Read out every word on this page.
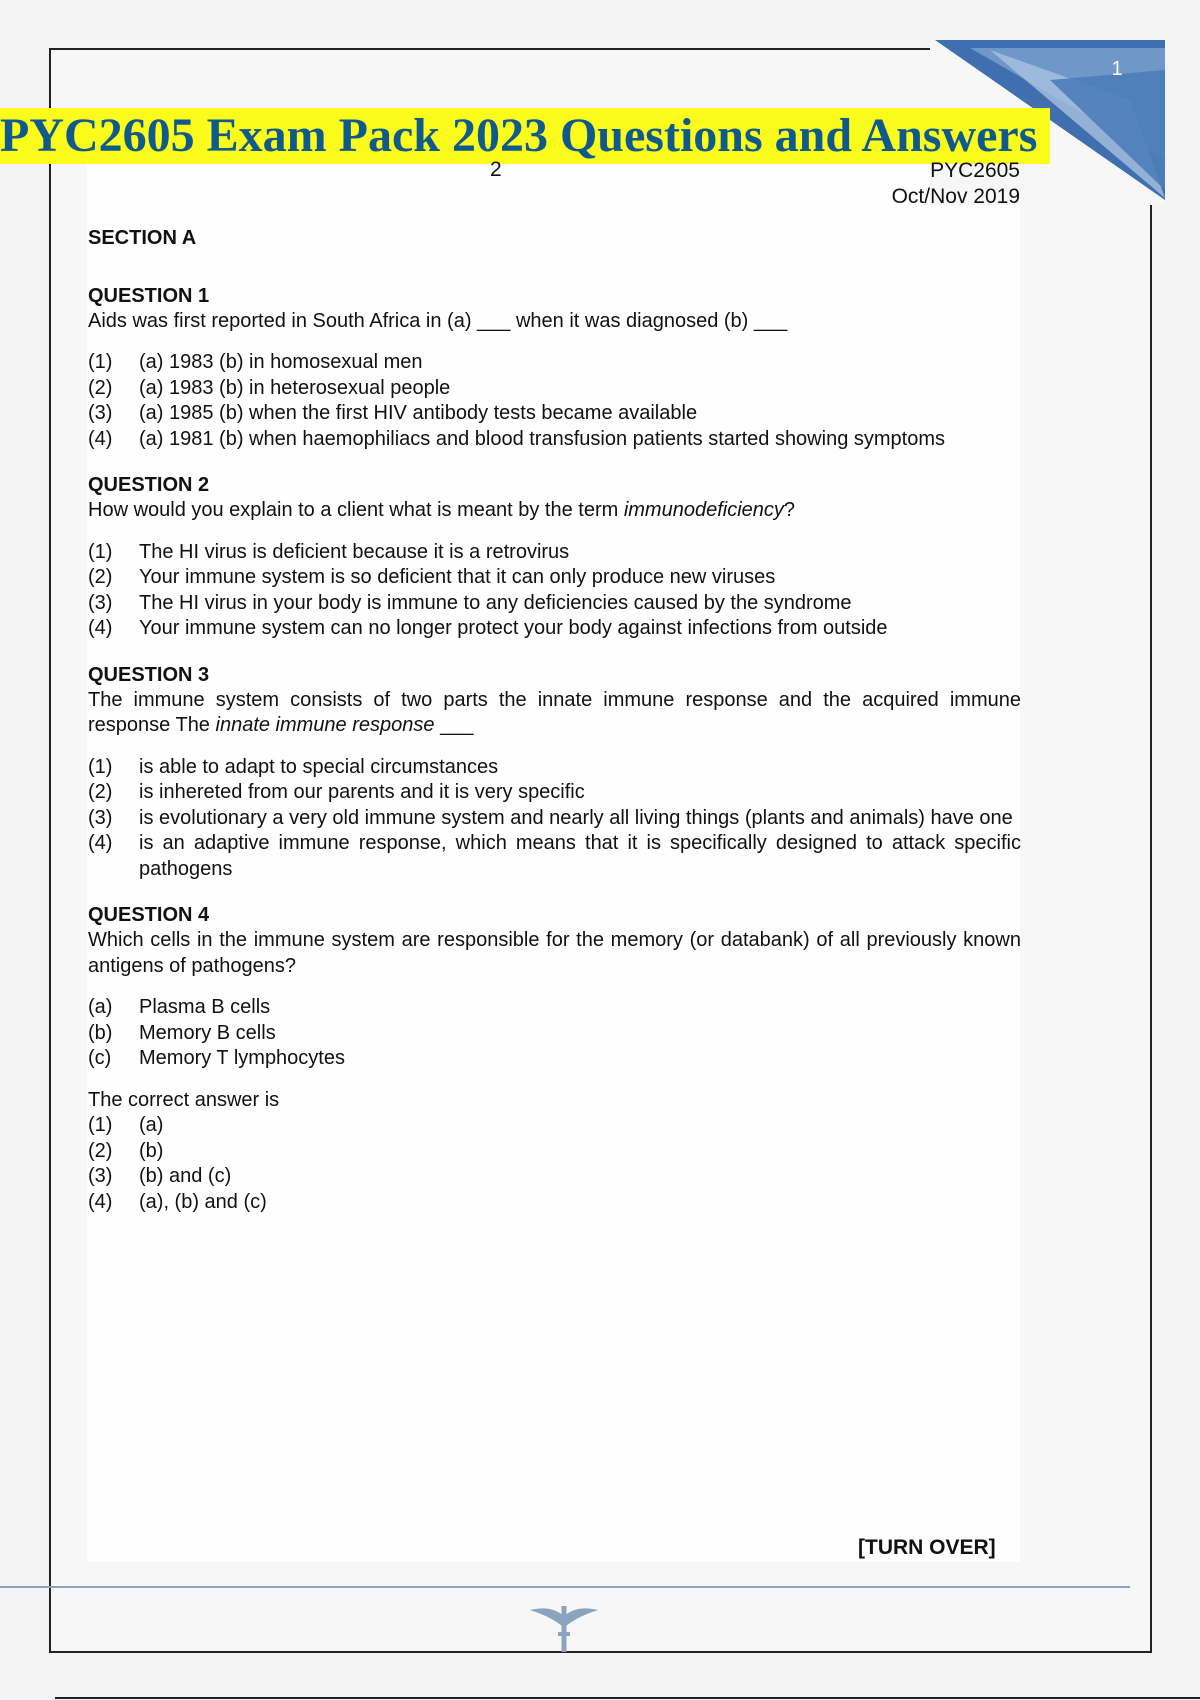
1
PYC2605 Exam Pack 2023 Questions and Answers
2	PYC2605
Oct/Nov 2019

SECTION A

QUESTION 1

Aids was first reported in South Africa in (a) ___ when it was diagnosed (b) ___

(1)	(a) 1983 (b) in homosexual men
(2)	(a) 1983 (b) in heterosexual people
(3)	(a) 1985 (b) when the first HIV antibody tests became available
(4)	(a) 1981 (b) when haemophiliacs and blood transfusion patients started showing symptoms

QUESTION 2

How would you explain to a client what is meant by the term immunodeficiency?

(1)	The HI virus is deficient because it is a retrovirus
(2)	Your immune system is so deficient that it can only produce new viruses
(3)	The HI virus in your body is immune to any deficiencies caused by the syndrome
(4)	Your immune system can no longer protect your body against infections from outside

QUESTION 3

The immune system consists of two parts the innate immune response and the acquired immune response The innate immune response ___

(1)	is able to adapt to special circumstances
(2)	is inhereted from our parents and it is very specific
(3)	is evolutionary a very old immune system and nearly all living things (plants and animals) have one
(4)	is an adaptive immune response, which means that it is specifically designed to attack specific pathogens

QUESTION 4

Which cells in the immune system are responsible for the memory (or databank) of all previously known antigens of pathogens?

(a)	Plasma B cells
(b)	Memory B cells
(c)	Memory T lymphocytes

The correct answer is

(1)	(a)
(2)	(b)
(3)	(b) and (c)
(4)	(a), (b) and (c)
[TURN OVER]
